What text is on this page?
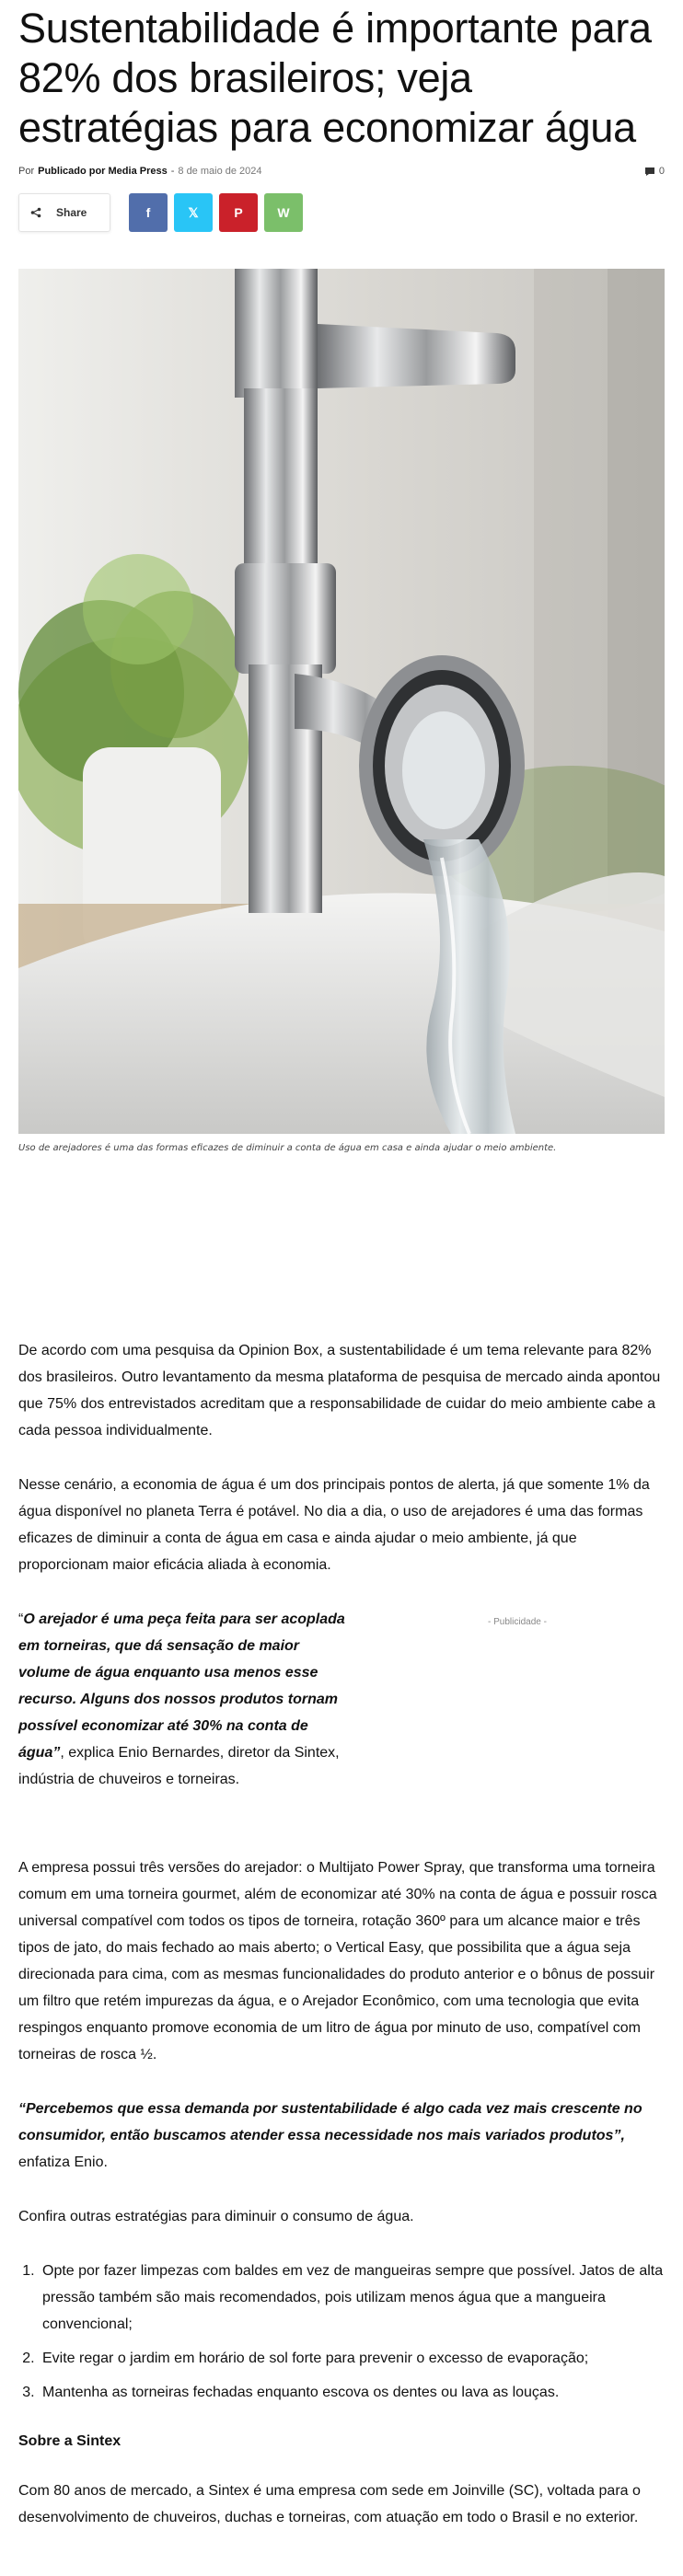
Sustentabilidade é importante para 82% dos brasileiros; veja estratégias para economizar água
Por Publicado por Media Press - 8 de maio de 2024	0
Share	f	𝕏	P	W
Uso de arejadores é uma das formas eficazes de diminuir a conta de água em casa e ainda ajudar o meio ambiente.

De acordo com uma pesquisa da Opinion Box, a sustentabilidade é um tema relevante para 82% dos brasileiros. Outro levantamento da mesma plataforma de pesquisa de mercado ainda apontou que 75% dos entrevistados acreditam que a responsabilidade de cuidar do meio ambiente cabe a cada pessoa individualmente.

Nesse cenário, a economia de água é um dos principais pontos de alerta, já que somente 1% da água disponível no planeta Terra é potável. No dia a dia, o uso de arejadores é uma das formas eficazes de diminuir a conta de água em casa e ainda ajudar o meio ambiente, já que proporcionam maior eficácia aliada à economia.

“O arejador é uma peça feita para ser acoplada em torneiras, que dá sensação de maior volume de água enquanto usa menos esse recurso. Alguns dos nossos produtos tornam possível economizar até 30% na conta de água”, explica Enio Bernardes, diretor da Sintex, indústria de chuveiros e torneiras.
- Publicidade -

A empresa possui três versões do arejador: o Multijato Power Spray, que transforma uma torneira comum em uma torneira gourmet, além de economizar até 30% na conta de água e possuir rosca universal compatível com todos os tipos de torneira, rotação 360º para um alcance maior e três tipos de jato, do mais fechado ao mais aberto; o Vertical Easy, que possibilita que a água seja direcionada para cima, com as mesmas funcionalidades do produto anterior e o bônus de possuir um filtro que retém impurezas da água, e o Arejador Econômico, com uma tecnologia que evita respingos enquanto promove economia de um litro de água por minuto de uso, compatível com torneiras de rosca ½.

“Percebemos que essa demanda por sustentabilidade é algo cada vez mais crescente no consumidor, então buscamos atender essa necessidade nos mais variados produtos”, enfatiza Enio.

Confira outras estratégias para diminuir o consumo de água.

1. Opte por fazer limpezas com baldes em vez de mangueiras sempre que possível. Jatos de alta pressão também são mais recomendados, pois utilizam menos água que a mangueira convencional;
2. Evite regar o jardim em horário de sol forte para prevenir o excesso de evaporação;
3. Mantenha as torneiras fechadas enquanto escova os dentes ou lava as louças.
Sobre a Sintex

Com 80 anos de mercado, a Sintex é uma empresa com sede em Joinville (SC), voltada para o desenvolvimento de chuveiros, duchas e torneiras, com atuação em todo o Brasil e no exterior.
